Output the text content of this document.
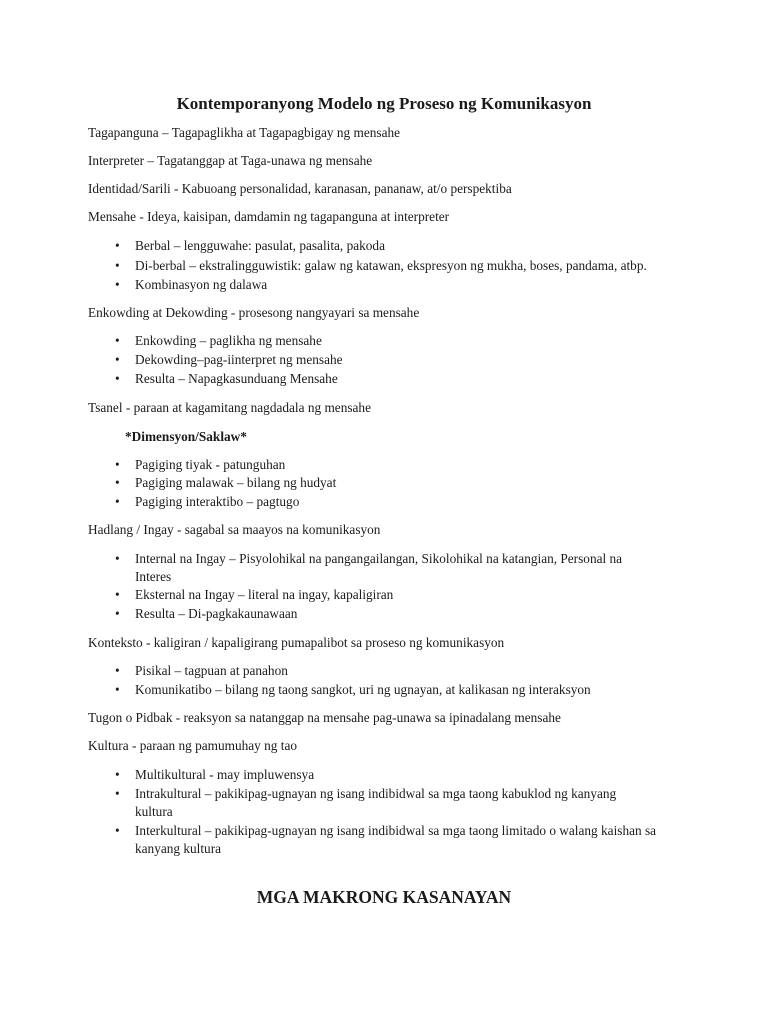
Kontemporanyong Modelo ng Proseso ng Komunikasyon
Tagapanguna – Tagapaglikha at Tagapagbigay ng mensahe
Interpreter – Tagatanggap at Taga-unawa ng mensahe
Identidad/Sarili - Kabuoang personalidad, karanasan, pananaw, at/o perspektiba
Mensahe - Ideya, kaisipan, damdamin ng tagapanguna at interpreter
•
Berbal – lengguwahe: pasulat, pasalita, pakoda
•
Di-berbal – ekstralingguwistik: galaw ng katawan, ekspresyon ng mukha, boses, pandama, atbp.
•
Kombinasyon ng dalawa
Enkowding at Dekowding - prosesong nangyayari sa mensahe
•
Enkowding – paglikha ng mensahe
•
Dekowding–pag-iinterpret ng mensahe
•
Resulta – Napagkasunduang Mensahe
Tsanel - paraan at kagamitang nagdadala ng mensahe
*Dimensyon/Saklaw*
•
Pagiging tiyak - patunguhan
•
Pagiging malawak – bilang ng hudyat
•
Pagiging interaktibo – pagtugo
Hadlang / Ingay - sagabal sa maayos na komunikasyon
•
Internal na Ingay – Pisyolohikal na pangangailangan, Sikolohikal na katangian, Personal na
Interes
•
Eksternal na Ingay – literal na ingay, kapaligiran
•
Resulta – Di-pagkakaunawaan
Konteksto - kaligiran / kapaligirang pumapalibot sa proseso ng komunikasyon
•
Pisikal – tagpuan at panahon
•
Komunikatibo – bilang ng taong sangkot, uri ng ugnayan, at kalikasan ng interaksyon
Tugon o Pidbak - reaksyon sa natanggap na mensahe pag-unawa sa ipinadalang mensahe
Kultura - paraan ng pamumuhay ng tao
•
Multikultural - may impluwensya
•
Intrakultural – pakikipag-ugnayan ng isang indibidwal sa mga taong kabuklod ng kanyang
kultura
•
Interkultural – pakikipag-ugnayan ng isang indibidwal sa mga taong limitado o walang kaishan sa
kanyang kultura
MGA MAKRONG KASANAYAN
